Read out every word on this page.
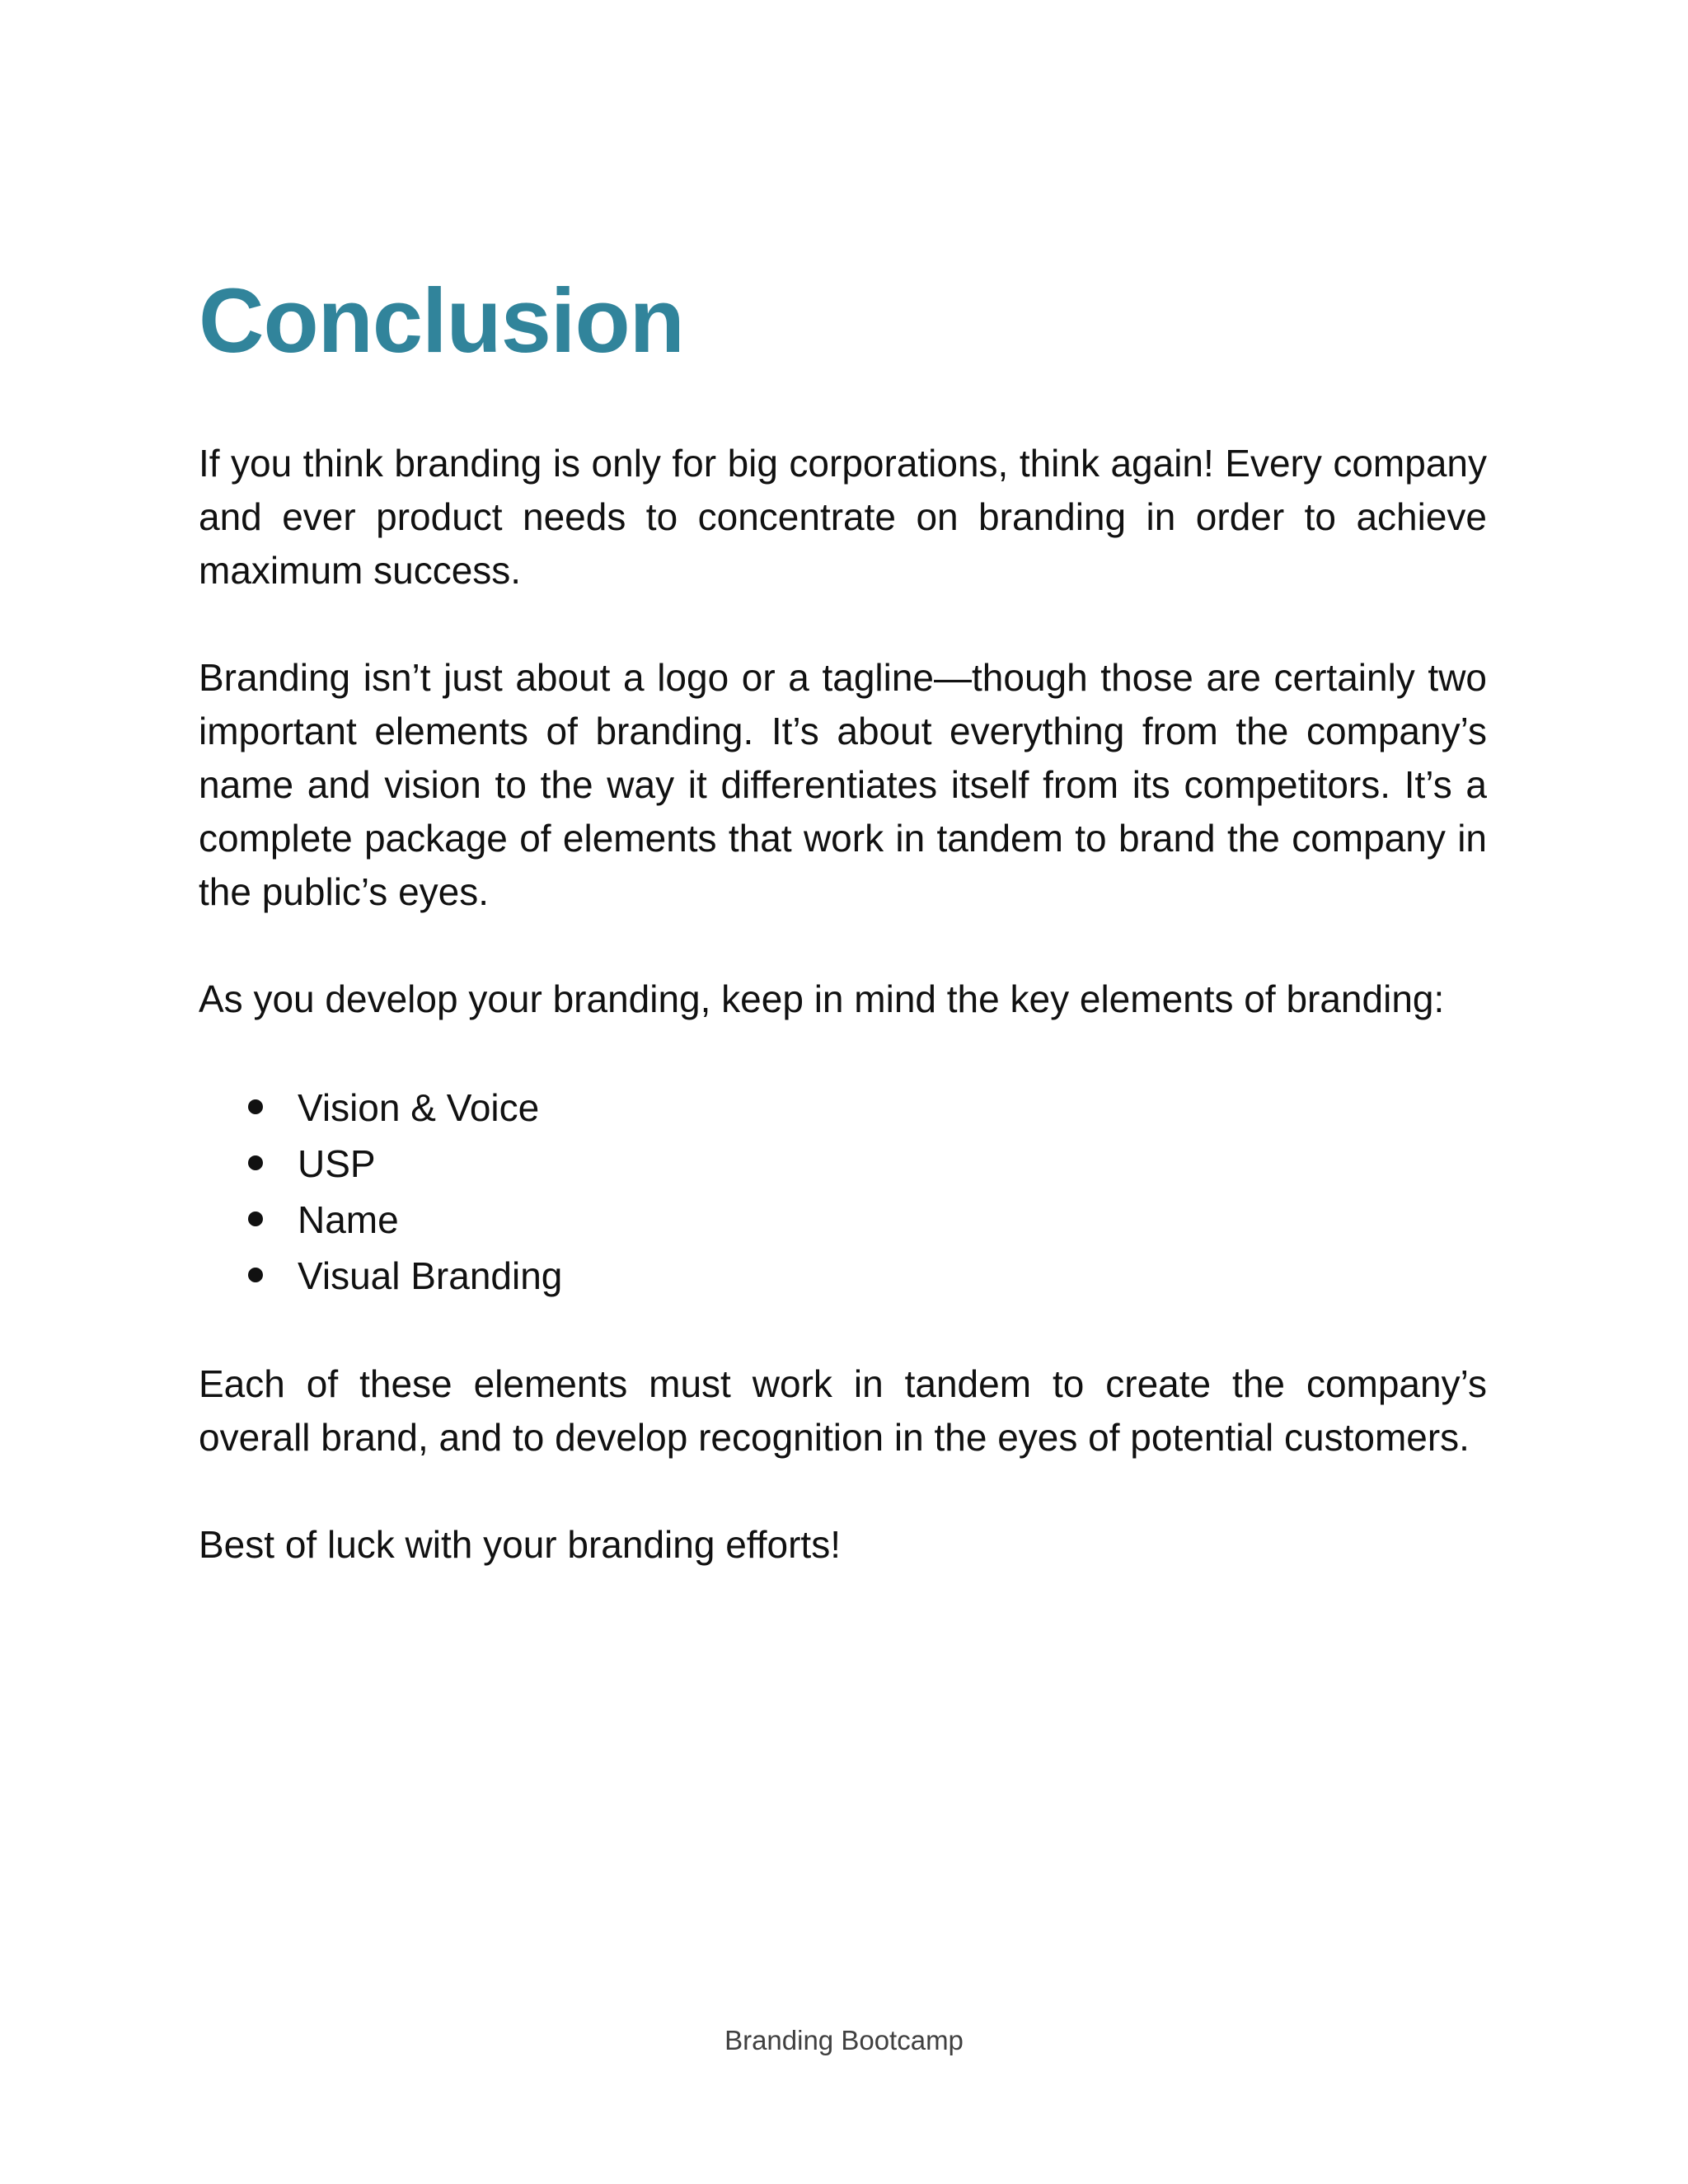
Conclusion

If you think branding is only for big corporations, think again! Every company and ever product needs to concentrate on branding in order to achieve maximum success.

Branding isn’t just about a logo or a tagline—though those are certainly two important elements of branding. It’s about everything from the company’s name and vision to the way it differentiates itself from its competitors. It’s a complete package of elements that work in tandem to brand the company in the public’s eyes.

As you develop your branding, keep in mind the key elements of branding:

Vision & Voice
USP
Name
Visual Branding

Each of these elements must work in tandem to create the company’s overall brand, and to develop recognition in the eyes of potential customers.

Best of luck with your branding efforts!

Branding Bootcamp
